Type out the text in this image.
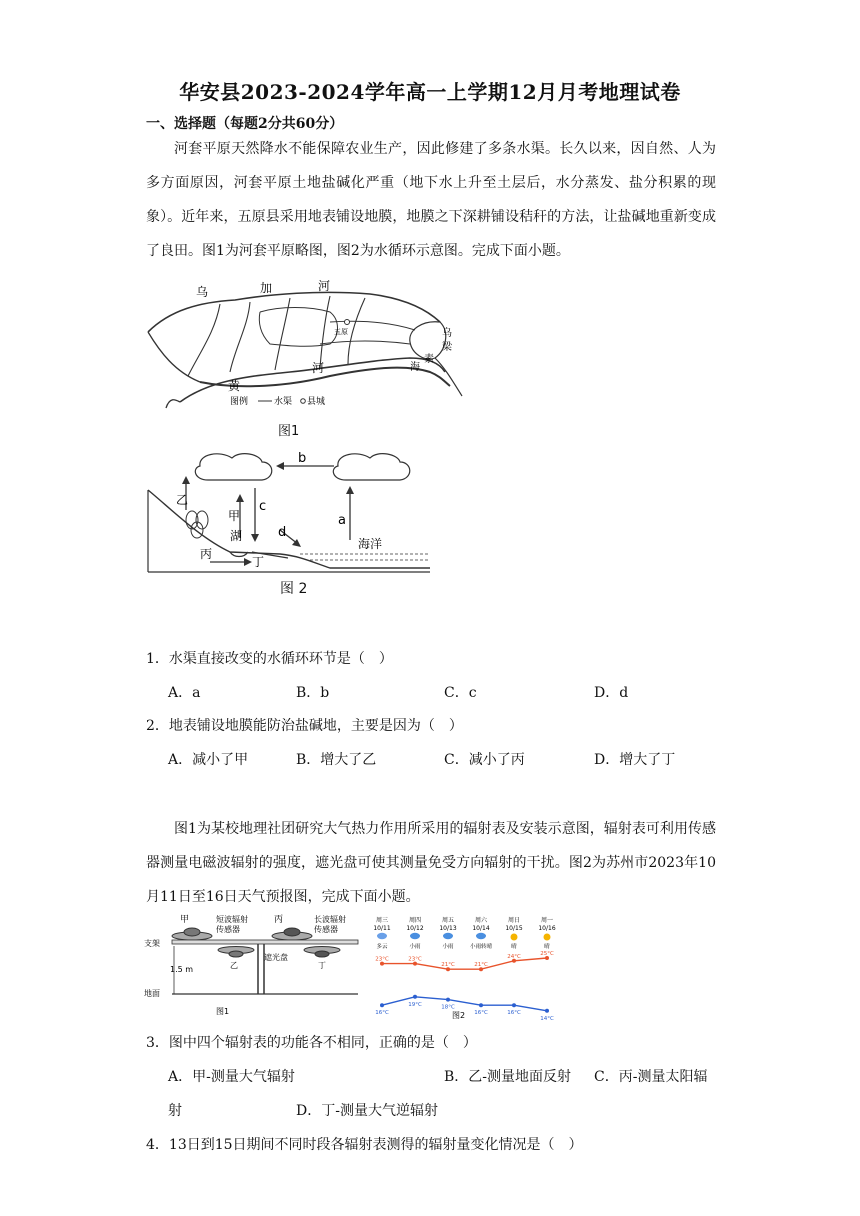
华安县2023-2024学年高一上学期12月月考地理试卷
一、选择题（每题2分共60分）
河套平原天然降水不能保障农业生产，因此修建了多条水渠。长久以来，因自然、人为多方面原因，河套平原土地盐碱化严重（地下水上升至土层后，水分蒸发、盐分积累的现象）。近年来，五原县采用地表铺设地膜，地膜之下深耕铺设秸秆的方法，让盐碱地重新变成了良田。图1为河套平原略图，图2为水循环示意图。完成下面小题。
乌	加	河
五原	乌
梁
素
海
河
黄
图例	水渠 县城
图1
b
a
c
甲
乙
湖	d
丙
丁
海洋
图 2
1．水渠直接改变的水循环环节是（　）
A．a	B．b	C．c	D．d
2．地表铺设地膜能防治盐碱地，主要是因为（　）
A．减小了甲	B．增大了乙	C．减小了丙	D．增大了丁
图1为某校地理社团研究大气热力作用所采用的辐射表及安装示意图，辐射表可利用传感器测量电磁波辐射的强度，遮光盘可使其测量免受方向辐射的干扰。图2为苏州市2023年10月11日至16日天气预报图，完成下面小题。
甲	短波辐射
传感器
丙	长波辐射
传感器
支架
乙	丁
遮光盘
1.5 m
地面
图1
周三
10/11
多云
23°C
16°C
周四
10/12
小雨
23°C
19°C
周五
10/13
小雨
21°C
18°C
周六
10/14
小雨转晴
21°C
16°C
周日
10/15
晴
24°C
16°C
周一
10/16
晴
25°C
14°C
图2
3．图中四个辐射表的功能各不相同，正确的是（　）
A．甲-测量大气辐射	B．乙-测量地面反射 C．丙-测量太阳辐
射	D．丁-测量大气逆辐射
4．13日到15日期间不同时段各辐射表测得的辐射量变化情况是（　）
